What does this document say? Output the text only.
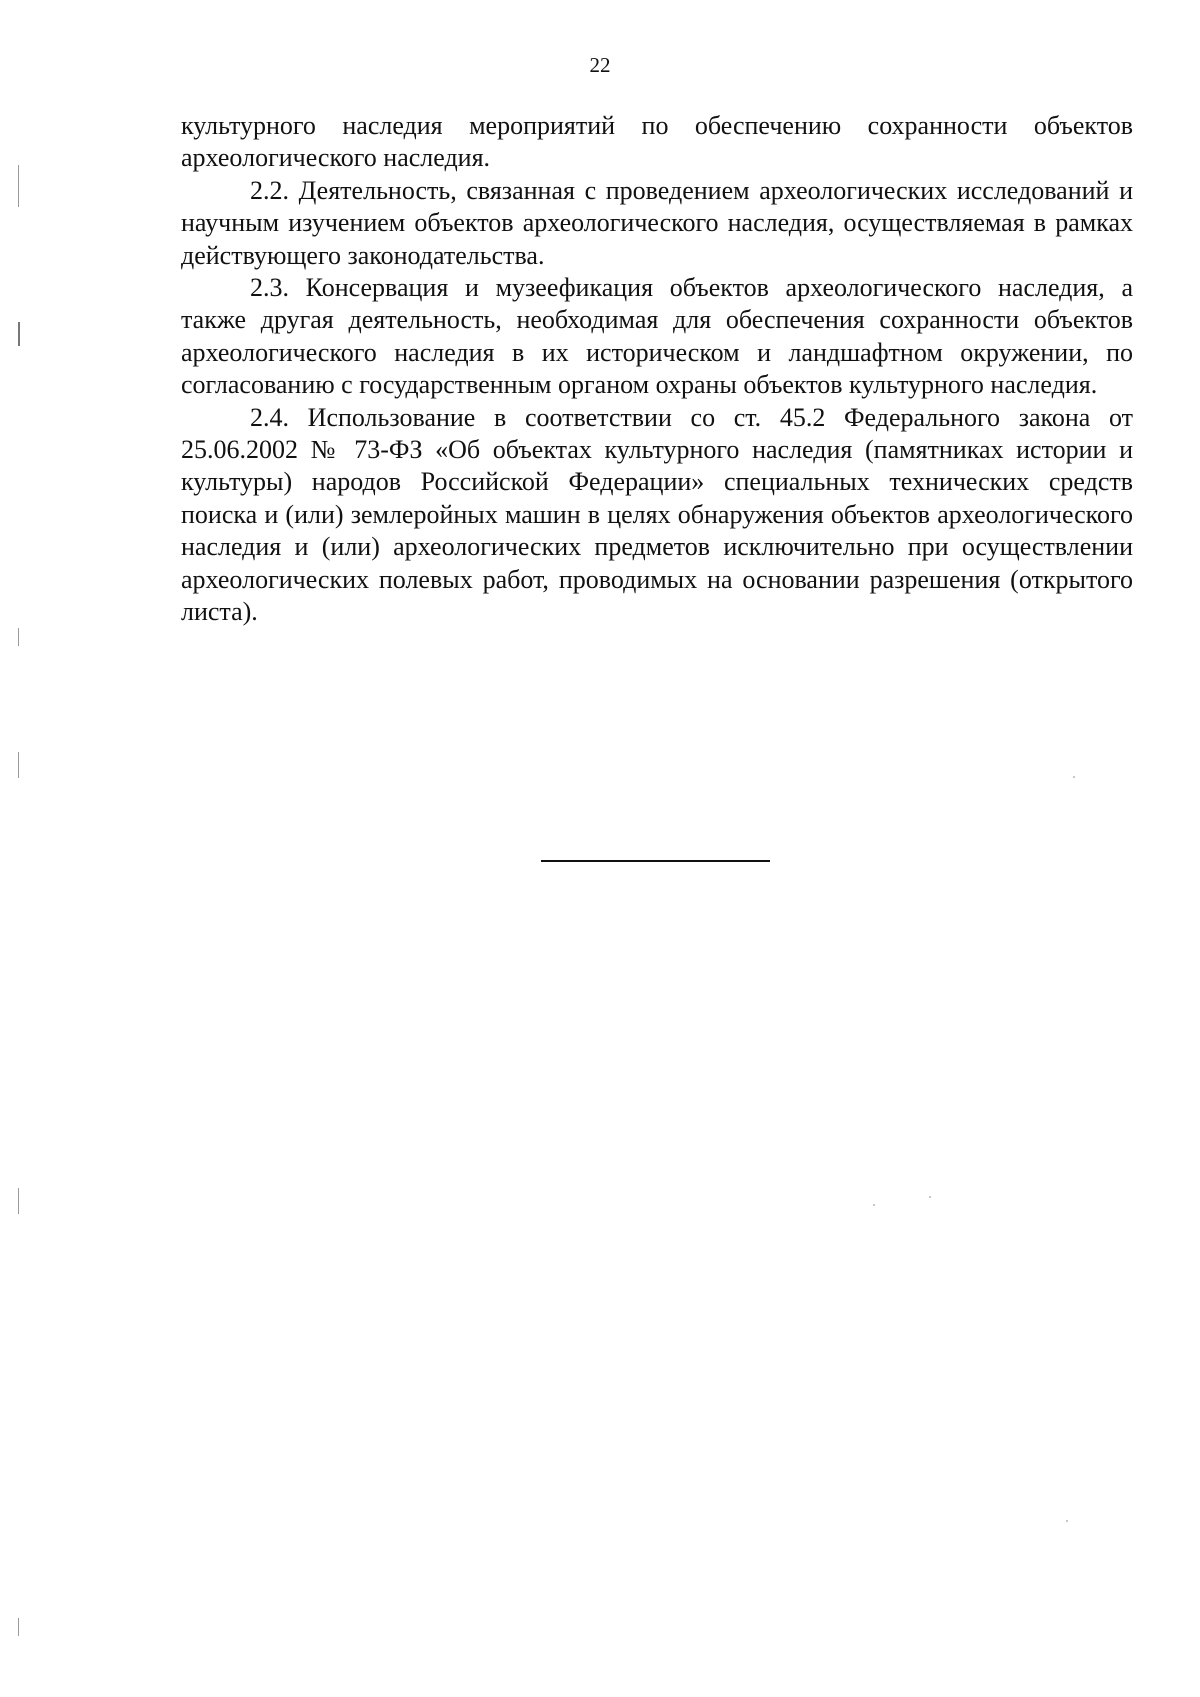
22

культурного наследия мероприятий по обеспечению сохранности объектов археологического наследия.

2.2. Деятельность, связанная с проведением археологических исследований и научным изучением объектов археологического наследия, осуществляемая в рамках действующего законодательства.

2.3. Консервация и музеефикация объектов археологического наследия, а также другая деятельность, необходимая для обеспечения сохранности объектов археологического наследия в их историческом и ландшафтном окружении, по согласованию с государственным органом охраны объектов культурного наследия.

2.4. Использование в соответствии со ст. 45.2 Федерального закона от 25.06.2002 № 73-ФЗ «Об объектах культурного наследия (памятниках истории и культуры) народов Российской Федерации» специальных технических средств поиска и (или) землеройных машин в целях обнаружения объектов археологического наследия и (или) археологических предметов исключительно при осуществлении археологических полевых работ, проводимых на основании разрешения (открытого листа).
